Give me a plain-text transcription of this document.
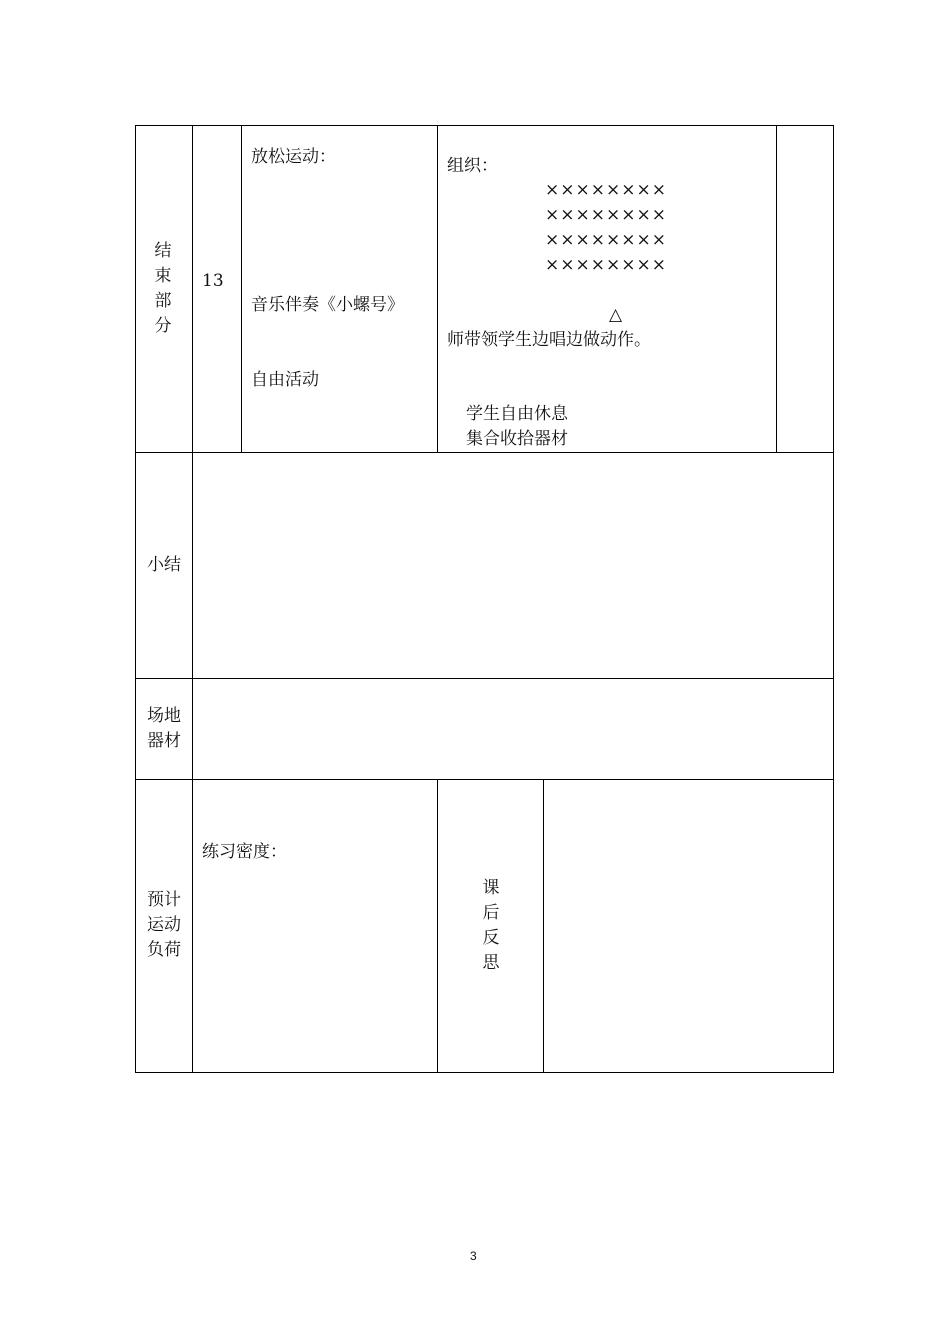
结
束
部
分
13
放松运动：
音乐伴奏《小螺号》
自由活动
组织：
××××××××
××××××××
××××××××
××××××××
△
师带领学生边唱边做动作。
学生自由休息
集合收拾器材
小结
场地
器材
预计
运动
负荷
练习密度：
课
后
反
思
3
